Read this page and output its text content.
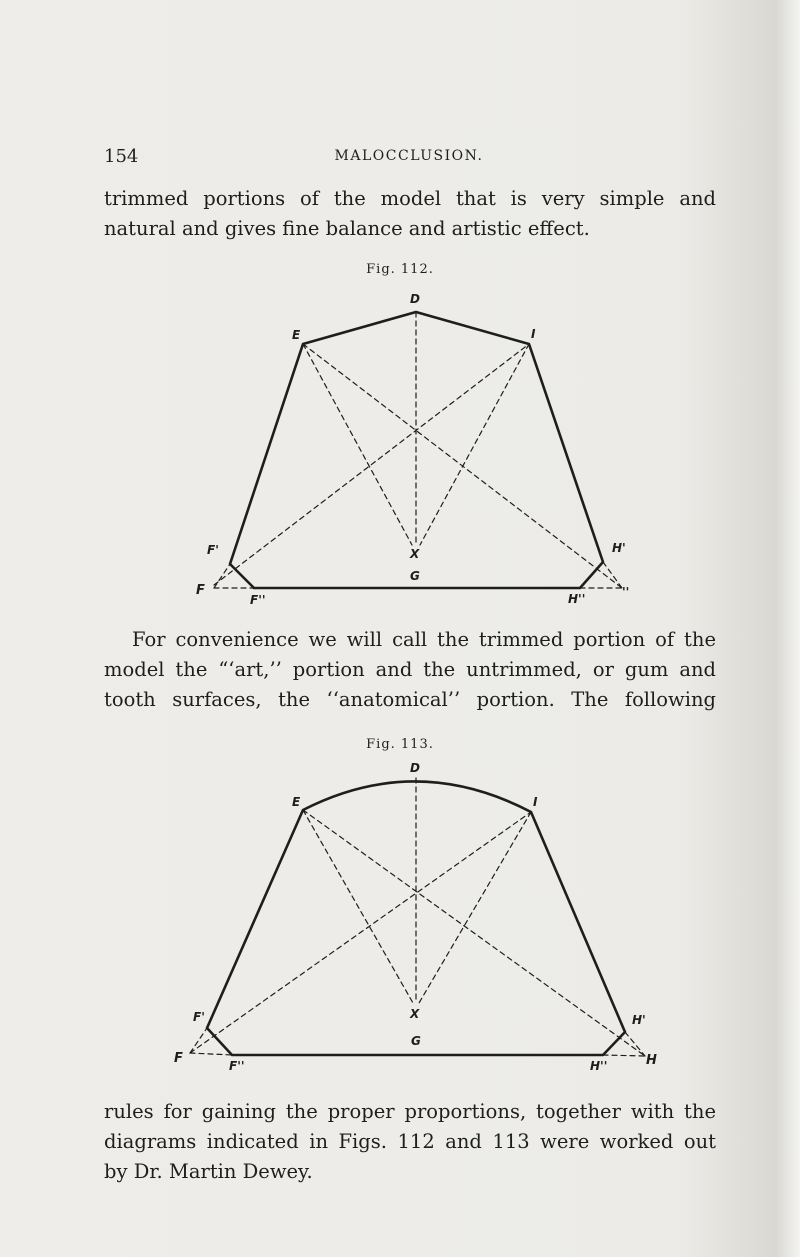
154	MALOCCLUSION.
trimmed portions of the model that is very simple and
natural and gives fine balance and artistic effect.
Fig. 112.
D
E	I
F'	H'
X
G
F
F''	H''	''
For convenience we will call the trimmed portion of the
model the “‘art,’’ portion and the untrimmed, or gum and
tooth surfaces, the ‘‘anatomical’’ portion. The following
Fig. 113.
D
E	I
F'	H'
X
G
F	F''	H''	H
rules for gaining the proper proportions, together with the
diagrams indicated in Figs. 112 and 113 were worked out
by Dr. Martin Dewey.
